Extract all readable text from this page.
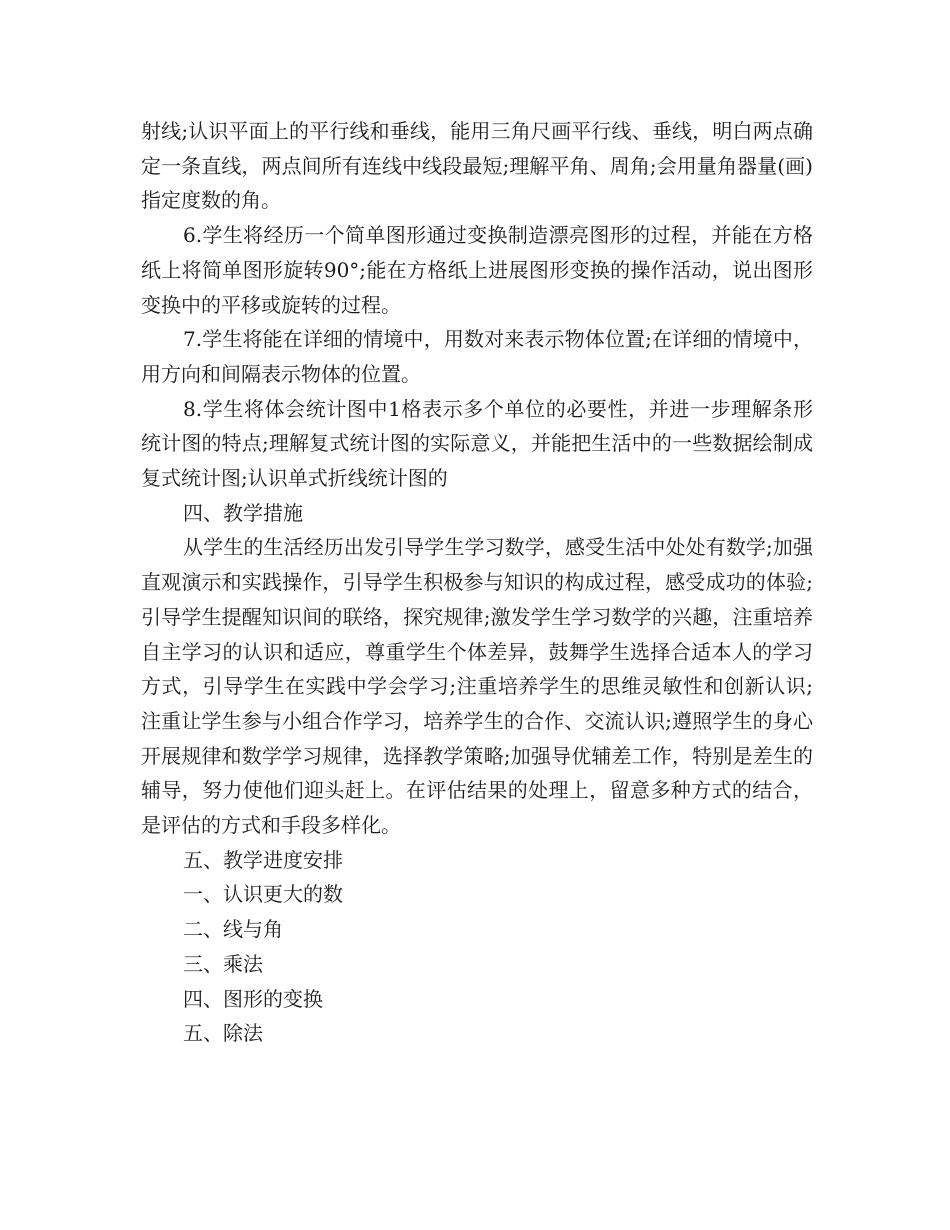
射线;认识平面上的平行线和垂线，能用三角尺画平行线、垂线，明白两点确定一条直线，两点间所有连线中线段最短;理解平角、周角;会用量角器量(画)指定度数的角。

6.学生将经历一个简单图形通过变换制造漂亮图形的过程，并能在方格纸上将简单图形旋转90°;能在方格纸上进展图形变换的操作活动，说出图形变换中的平移或旋转的过程。

7.学生将能在详细的情境中，用数对来表示物体位置;在详细的情境中，用方向和间隔表示物体的位置。

8.学生将体会统计图中1格表示多个单位的必要性，并进一步理解条形统计图的特点;理解复式统计图的实际意义，并能把生活中的一些数据绘制成复式统计图;认识单式折线统计图的

四、教学措施

从学生的生活经历出发引导学生学习数学，感受生活中处处有数学;加强直观演示和实践操作，引导学生积极参与知识的构成过程，感受成功的体验;引导学生提醒知识间的联络，探究规律;激发学生学习数学的兴趣，注重培养自主学习的认识和适应，尊重学生个体差异，鼓舞学生选择合适本人的学习方式，引导学生在实践中学会学习;注重培养学生的思维灵敏性和创新认识;注重让学生参与小组合作学习，培养学生的合作、交流认识;遵照学生的身心开展规律和数学学习规律，选择教学策略;加强导优辅差工作，特别是差生的辅导，努力使他们迎头赶上。在评估结果的处理上，留意多种方式的结合，是评估的方式和手段多样化。

五、教学进度安排

一、认识更大的数

二、线与角

三、乘法

四、图形的变换

五、除法
